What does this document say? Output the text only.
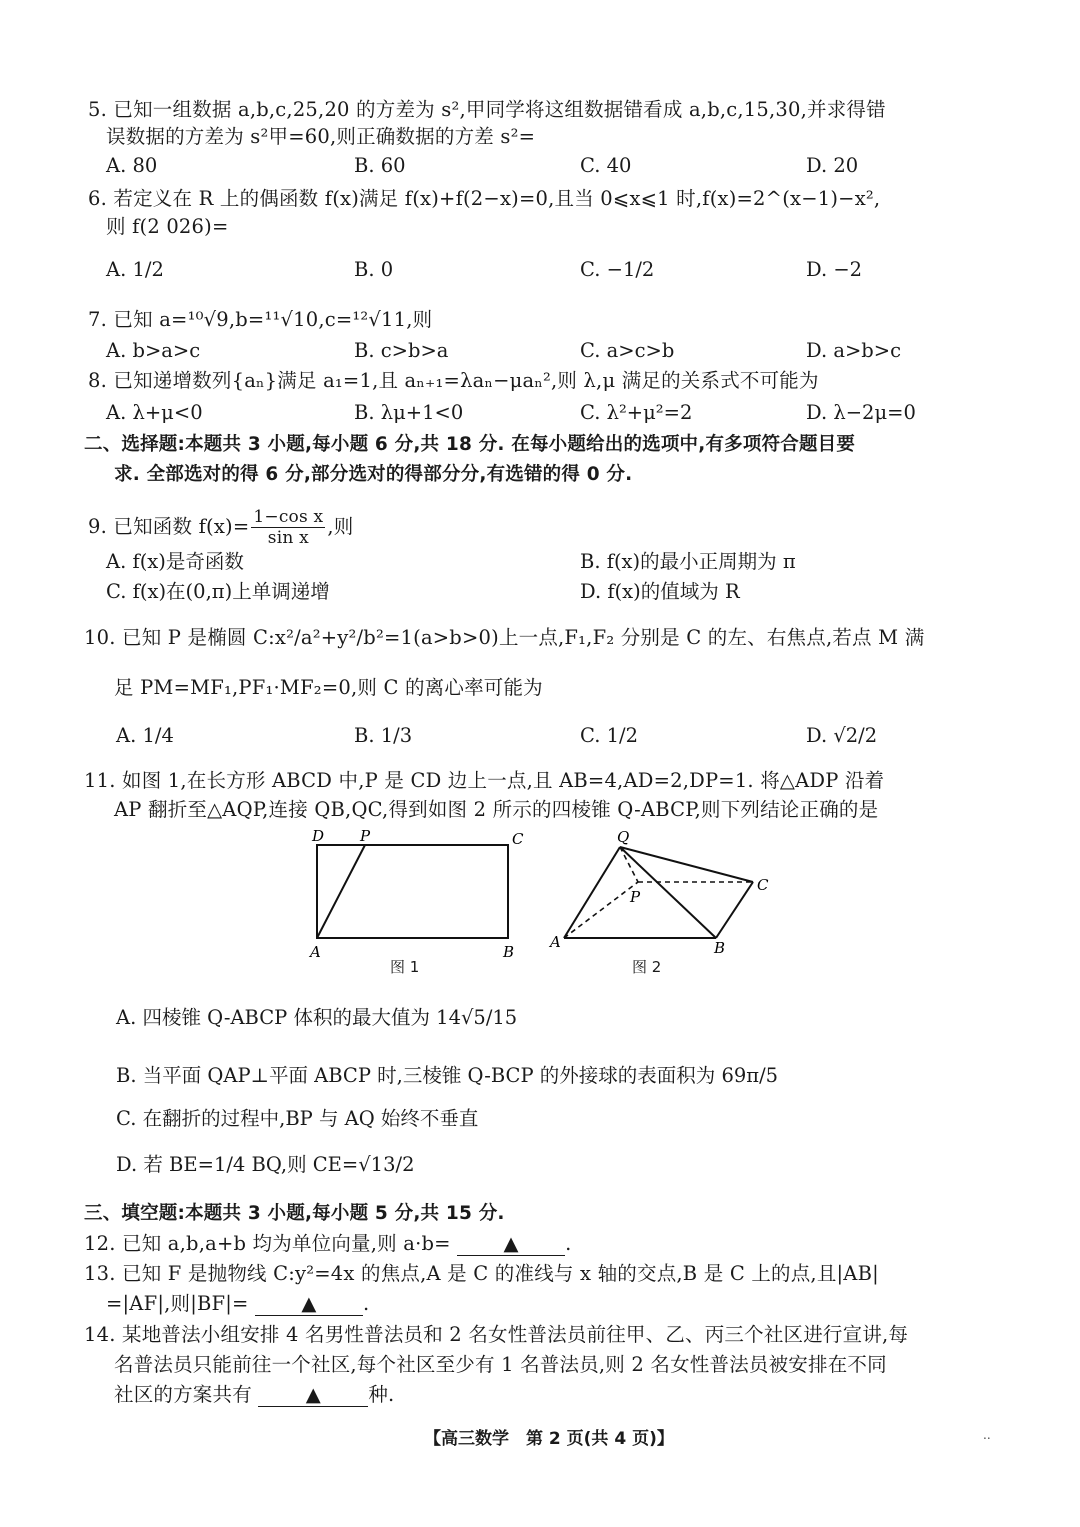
5. 已知一组数据 a,b,c,25,20 的方差为 s²,甲同学将这组数据错看成 a,b,c,15,30,并求得错
误数据的方差为 s²甲=60,则正确数据的方差 s²=
A. 80	B. 60	C. 40	D. 20
6. 若定义在 R 上的偶函数 f(x)满足 f(x)+f(2−x)=0,且当 0⩽x⩽1 时,f(x)=2^(x−1)−x²,
则 f(2 026)=
A. 1/2	B. 0	C. −1/2	D. −2
7. 已知 a=¹⁰√9,b=¹¹√10,c=¹²√11,则
A. b>a>c	B. c>b>a	C. a>c>b	D. a>b>c
8. 已知递增数列{aₙ}满足 a₁=1,且 aₙ₊₁=λaₙ−μaₙ²,则 λ,μ 满足的关系式不可能为
A. λ+μ<0	B. λμ+1<0	C. λ²+μ²=2	D. λ−2μ=0
二、选择题:本题共 3 小题,每小题 6 分,共 18 分. 在每小题给出的选项中,有多项符合题目要
求. 全部选对的得 6 分,部分选对的得部分分,有选错的得 0 分.
9. 已知函数 $f(x)= \frac{\text{1−cos x}}{\text{sin x}}$ ,则
A. f(x)是奇函数	B. f(x)的最小正周期为 π
C. f(x)在(0,π)上单调递增	D. f(x)的值域为 R
10. 已知 P 是椭圆 C:x²/a²+y²/b²=1(a>b>0)上一点,F₁,F₂ 分别是 C 的左、右焦点,若点 M 满
足 PM=MF₁,PF₁·MF₂=0,则 C 的离心率可能为
A. 1/4	B. 1/3	C. 1/2	D. √2/2
11. 如图 1,在长方形 ABCD 中,P 是 CD 边上一点,且 AB=4,AD=2,DP=1. 将△ADP 沿着
AP 翻折至△AQP,连接 QB,QC,得到如图 2 所示的四棱锥 Q-ABCP,则下列结论正确的是
D P	C
A	B
图 1
Q
P
C
A	B
图 2
A. 四棱锥 Q-ABCP 体积的最大值为 14√5/15
B. 当平面 QAP⊥平面 ABCP 时,三棱锥 Q-BCP 的外接球的表面积为 69π/5
C. 在翻折的过程中,BP 与 AQ 始终不垂直
D. 若 BE=1/4 BQ,则 CE=√13/2
三、填空题:本题共 3 小题,每小题 5 分,共 15 分.
12. 已知 a,b,a+b 均为单位向量,则 a·b=	▲ .
13. 已知 F 是抛物线 C:y²=4x 的焦点,A 是 C 的准线与 x 轴的交点,B 是 C 上的点,且|AB|
=|AF|,则|BF|=	▲ .
14. 某地普法小组安排 4 名男性普法员和 2 名女性普法员前往甲、乙、丙三个社区进行宣讲,每
名普法员只能前往一个社区,每个社区至少有 1 名普法员,则 2 名女性普法员被安排在不同
社区的方案共有	▲ 种.
【高三数学　第 2 页(共 4 页)】	..
